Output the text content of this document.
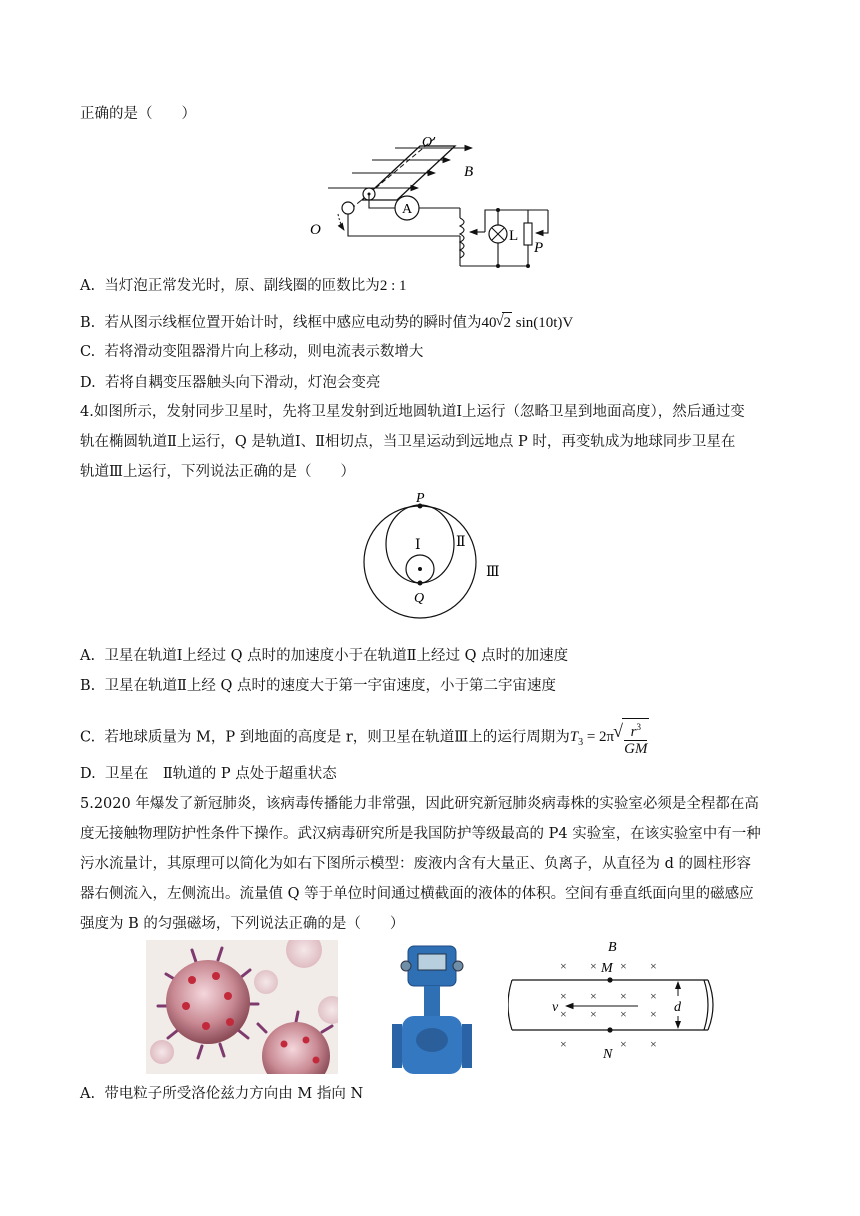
正确的是（　　）
A
L
O′
B
O
P
A. 当灯泡正常发光时，原、副线圈的匝数比为2 : 1
B. 若从图示线框位置开始计时，线框中感应电动势的瞬时值为40 √ 2 sin(10t)V
C. 若将滑动变阻器滑片向上移动，则电流表示数增大
D. 若将自耦变压器触头向下滑动，灯泡会变亮
4.如图所示，发射同步卫星时，先将卫星发射到近地圆轨道Ⅰ上运行（忽略卫星到地面高度），然后通过变
轨在椭圆轨道Ⅱ上运行，Q 是轨道Ⅰ、Ⅱ相切点，当卫星运动到远地点 P 时，再变轨成为地球同步卫星在
轨道Ⅲ上运行，下列说法正确的是（　　）
P
Q
Ⅰ	Ⅱ
Ⅲ
A. 卫星在轨道Ⅰ上经过 Q 点时的加速度小于在轨道Ⅱ上经过 Q 点时的加速度
B. 卫星在轨道Ⅱ上经 Q 点时的速度大于第一宇宙速度，小于第二宇宙速度
C. 若地球质量为 M，P 到地面的高度是 r，则卫星在轨道Ⅲ上的运行周期为$T_3 = 2\pi$ √ $\frac{r^3}{GM}$
D. 卫星在　Ⅱ轨道的 P 点处于超重状态
5.2020 年爆发了新冠肺炎，该病毒传播能力非常强，因此研究新冠肺炎病毒株的实验室必须是全程都在高
度无接触物理防护性条件下操作。武汉病毒研究所是我国防护等级最高的 P4 实验室，在该实验室中有一种
污水流量计，其原理可以简化为如右下图所示模型：废液内含有大量正、负离子，从直径为 d 的圆柱形容
器右侧流入，左侧流出。流量值 Q 等于单位时间通过横截面的液体的体积。空间有垂直纸面向里的磁感应
强度为 B 的匀强磁场，下列说法正确的是（　　）
B
× × × ×
× × × ×
× × × ×
×	× ×
M
N
v	d
A. 带电粒子所受洛伦兹力方向由 M 指向 N
